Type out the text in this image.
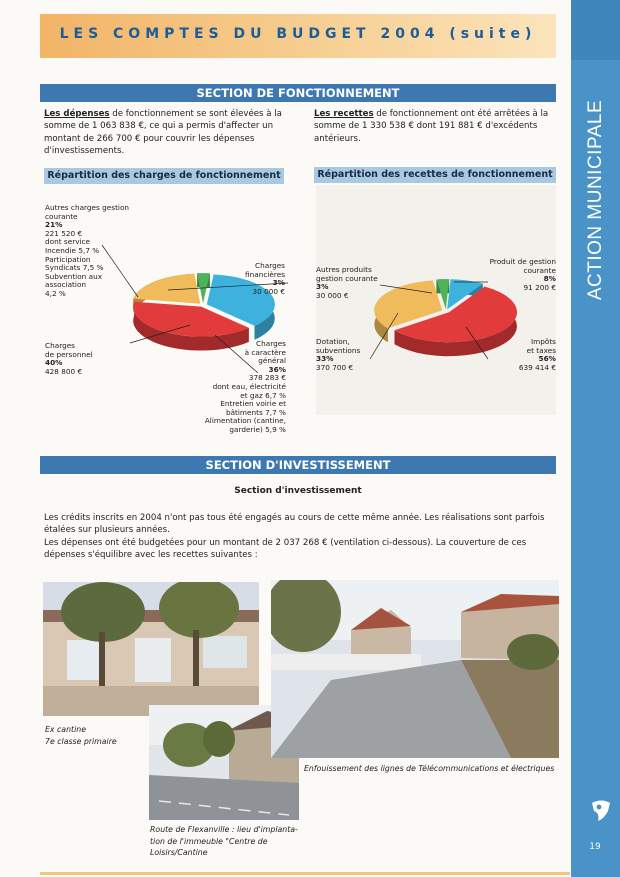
ACTION MUNICIPALE
19
LES COMPTES DU BUDGET 2004 (suite)
SECTION DE FONCTIONNEMENT
Les dépenses de fonctionnement se sont élevées à la somme de 1 063 838 €, ce qui a permis d'affecter un montant de 266 700 € pour couvrir les dépenses d'investissements.
Les recettes de fonctionnement ont été arrêtées à la somme de 1 330 538 € dont 191 881 € d'excédents antérieurs.
Répartition des charges de fonctionnement	Répartition des recettes de fonctionnement
Autres charges gestion
courante
21%
221 520 €
dont service
Incendie 5,7 %
Participation
Syndicats 7,5 %
Subvention aux
association
4,2 %
Charges
financières
3%
30 000 €
Charges
de personnel
40%
428 800 €
Charges
à caractère
général
36%
378 283 €
dont eau, électricité
et gaz 6,7 %
Entretien voirie et
bâtiments 7,7 %
Alimentation (cantine,
garderie) 5,9 %
Autres produits
gestion courante
3%
30 000 €
Produit de gestion
courante
8%
91 200 €
Dotation,
subventions
33%
370 700 €
Impôts
et taxes
56%
639 414 €
SECTION D'INVESTISSEMENT
Section d'investissement
Les crédits inscrits en 2004 n'ont pas tous été engagés au cours de cette même année. Les réalisations sont parfois étalées sur plusieurs années.
Les dépenses ont été budgetées pour un montant de 2 037 268 € (ventilation ci-dessous). La couverture de ces dépenses s'équilibre avec les recettes suivantes :
Ex cantine
7e classe primaire
Route de Flexanville : lieu d'implanta-
tion de l'immeuble "Centre de
Loisirs/Cantine
Enfouissement des lignes de Télécommunications et électriques
